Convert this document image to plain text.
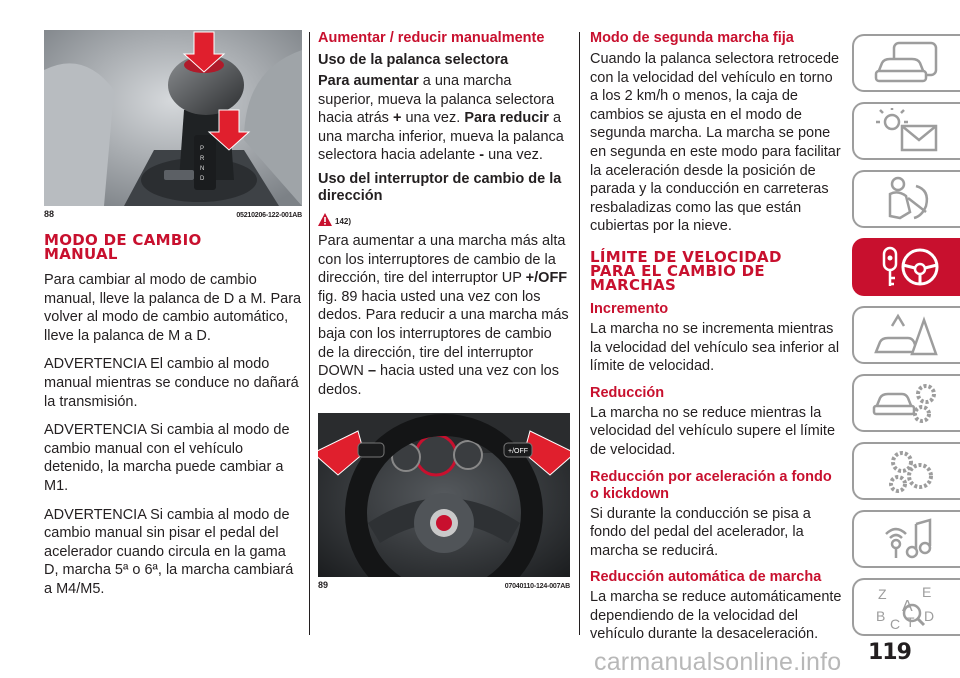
P
R
N
D
88	05210206-122-001AB
MODO DE CAMBIO MANUAL

Para cambiar al modo de cambio manual, lleve la palanca de D a M. Para volver al modo de cambio automático, lleve la palanca de M a D.

ADVERTENCIA El cambio al modo manual mientras se conduce no dañará la transmisión.

ADVERTENCIA Si cambia al modo de cambio manual con el vehículo detenido, la marcha puede cambiar a M1.

ADVERTENCIA Si cambia al modo de cambio manual sin pisar el pedal del acelerador cuando circula en la gama D, marcha 5ª o 6ª, la marcha cambiará a M4/M5.

Aumentar / reducir manualmente
Uso de la palanca selectora

Para aumentar a una marcha superior, mueva la palanca selectora hacia atrás + una vez. Para reducir a una marcha inferior, mueva la palanca selectora hacia adelante - una vez.

Uso del interruptor de cambio de la dirección
142)

Para aumentar a una marcha más alta con los interruptores de cambio de la dirección, tire del interruptor UP +/OFF fig. 89 hacia usted una vez con los dedos. Para reducir a una marcha más baja con los interruptores de cambio de la dirección, tire del interruptor DOWN – hacia usted una vez con los dedos.

+/OFF
89	07040110-124-007AB
Modo de segunda marcha fija

Cuando la palanca selectora retrocede con la velocidad del vehículo en torno a los 2 km/h o menos, la caja de cambios se ajusta en el modo de segunda marcha. La marcha se pone en segunda en este modo para facilitar la aceleración desde la posición de parada y la conducción en carreteras resbaladizas como las que están cubiertas por la nieve.

LÍMITE DE VELOCIDAD PARA EL CAMBIO DE MARCHAS
Incremento

La marcha no se incrementa mientras la velocidad del vehículo sea inferior al límite de velocidad.

Reducción

La marcha no se reduce mientras la velocidad del vehículo supere el límite de velocidad.

Reducción por aceleración a fondo o kickdown

Si durante la conducción se pisa a fondo del pedal del acelerador, la marcha se reducirá.

Reducción automática de marcha

La marcha se reduce automáticamente dependiendo de la velocidad del vehículo durante la desaceleración.

Z	E
A
B C T D
119
carmanualsonline.info
